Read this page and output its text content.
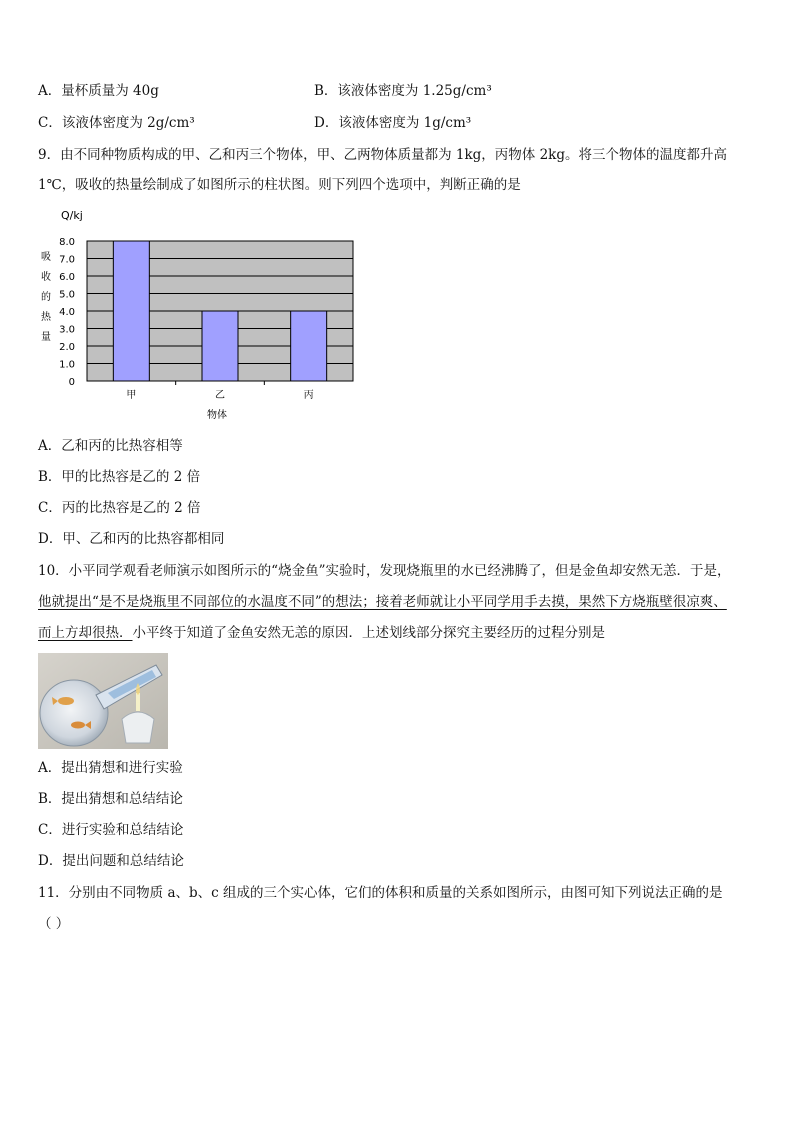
A．量杯质量为 40g	B．该液体密度为 1.25g/cm³
C．该液体密度为 2g/cm³	D．该液体密度为 1g/cm³
9．由不同种物质构成的甲、乙和丙三个物体，甲、乙两物体质量都为 1kg，丙物体 2kg。将三个物体的温度都升高
1℃，吸收的热量绘制成了如图所示的柱状图。则下列四个选项中，判断正确的是
Q/kj
0
1.0
2.0
3.0
4.0
5.0
6.0
7.0
8.0
甲	乙	丙
吸
收
的
热
量
物体
A．乙和丙的比热容相等
B．甲的比热容是乙的 2 倍
C．丙的比热容是乙的 2 倍
D．甲、乙和丙的比热容都相同
10．小平同学观看老师演示如图所示的“烧金鱼”实验时，发现烧瓶里的水已经沸腾了，但是金鱼却安然无恙．于是，
他就提出“是不是烧瓶里不同部位的水温度不同”的想法；接着老师就让小平同学用手去摸，果然下方烧瓶壁很凉爽、
而上方却很热．小平终于知道了金鱼安然无恙的原因．上述划线部分探究主要经历的过程分别是
A．提出猜想和进行实验
B．提出猜想和总结结论
C．进行实验和总结结论
D．提出问题和总结结论
11．分别由不同物质 a、b、c 组成的三个实心体，它们的体积和质量的关系如图所示，由图可知下列说法正确的是
（ ）
